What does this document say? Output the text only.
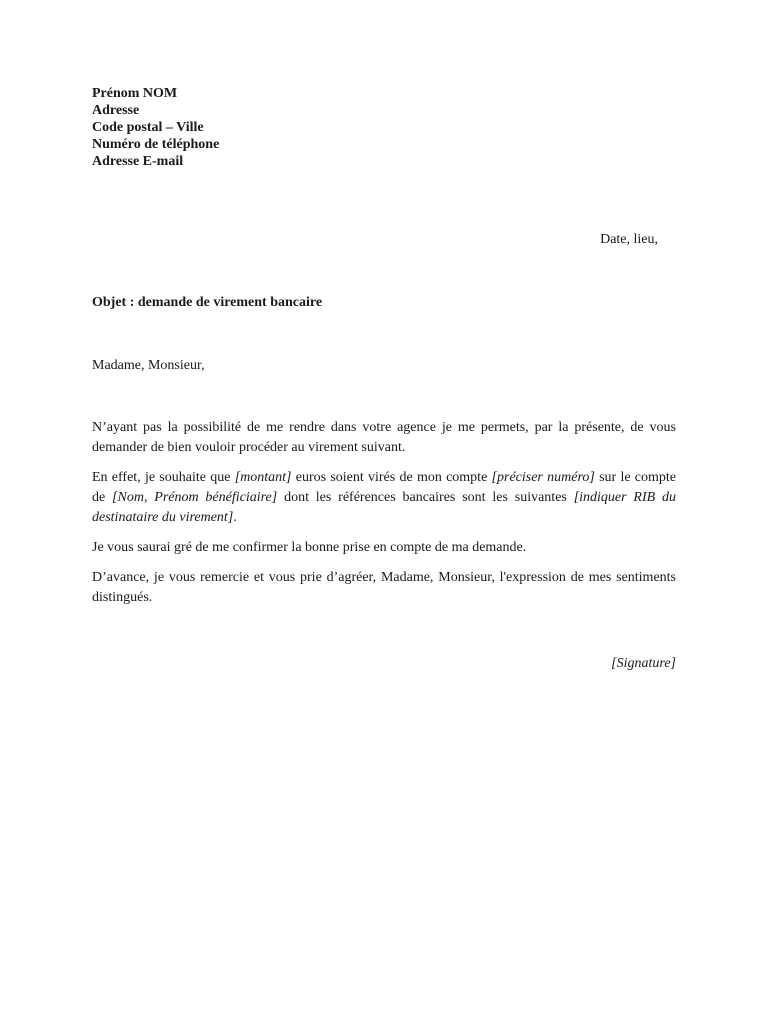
Prénom NOM
Adresse
Code postal – Ville
Numéro de téléphone
Adresse E-mail
Date, lieu,
Objet : demande de virement bancaire
Madame, Monsieur,

N’ayant pas la possibilité de me rendre dans votre agence je me permets, par la présente, de vous demander de bien vouloir procéder au virement suivant.

En effet, je souhaite que [montant] euros soient virés de mon compte [préciser numéro] sur le compte de [Nom, Prénom bénéficiaire] dont les références bancaires sont les suivantes [indiquer RIB du destinataire du virement].

Je vous saurai gré de me confirmer la bonne prise en compte de ma demande.

D’avance, je vous remercie et vous prie d’agréer, Madame, Monsieur, l'expression de mes sentiments distingués.

[Signature]
